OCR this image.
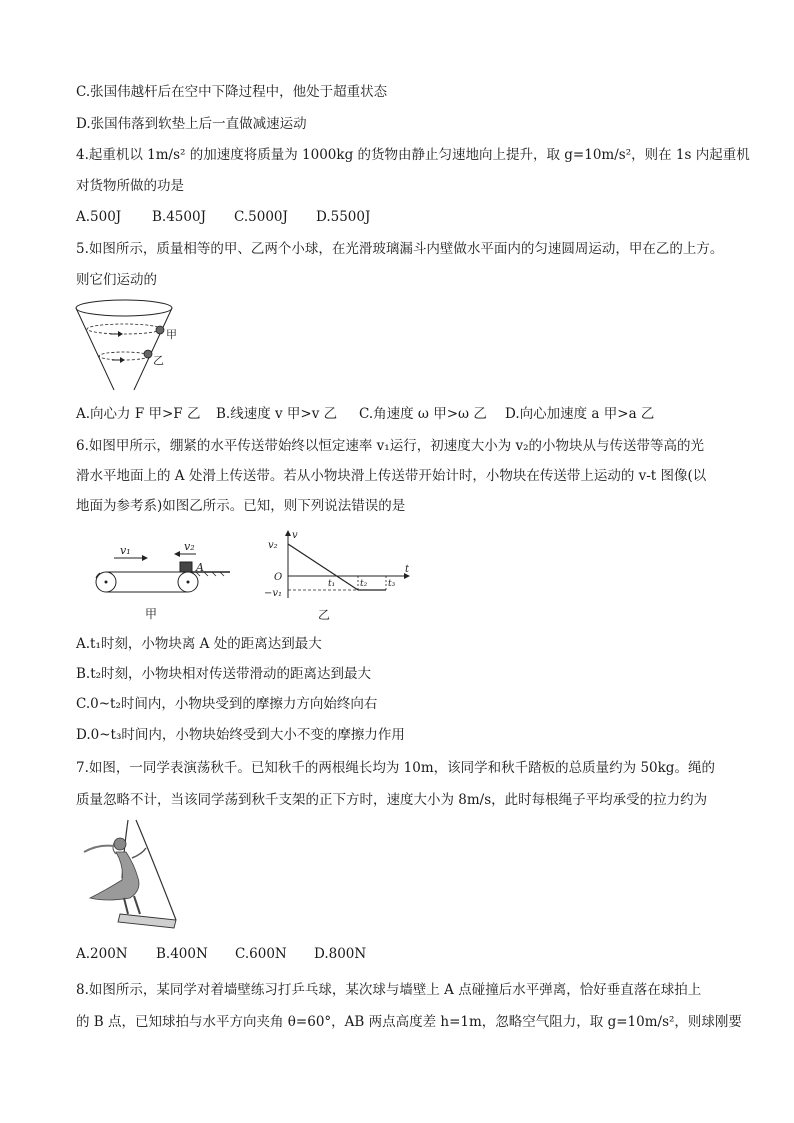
C.张国伟越杆后在空中下降过程中，他处于超重状态
D.张国伟落到软垫上后一直做减速运动
4.起重机以 1m/s² 的加速度将质量为 1000kg 的货物由静止匀速地向上提升，取 g=10m/s²，则在 1s 内起重机
对货物所做的功是
A.500J B.4500J C.5000J D.5500J
5.如图所示，质量相等的甲、乙两个小球，在光滑玻璃漏斗内壁做水平面内的匀速圆周运动，甲在乙的上方。
则它们运动的
甲
乙
A.向心力 F 甲>F 乙 B.线速度 v 甲>v 乙 C.角速度 ω 甲>ω 乙 D.向心加速度 a 甲>a 乙
6.如图甲所示，绷紧的水平传送带始终以恒定速率 v₁运行，初速度大小为 v₂的小物块从与传送带等高的光
滑水平地面上的 A 处滑上传送带。若从小物块滑上传送带开始计时，小物块在传送带上运动的 v-t 图像(以
地面为参考系)如图乙所示。已知，则下列说法错误的是
v₁	v₂
A
甲
v
t
O
v₂
−v₁
t₁	t₂ t₃
乙
A.t₁时刻，小物块离 A 处的距离达到最大
B.t₂时刻，小物块相对传送带滑动的距离达到最大
C.0~t₂时间内，小物块受到的摩擦力方向始终向右
D.0~t₃时间内，小物块始终受到大小不变的摩擦力作用
7.如图，一同学表演荡秋千。已知秋千的两根绳长均为 10m，该同学和秋千踏板的总质量约为 50kg。绳的
质量忽略不计，当该同学荡到秋千支架的正下方时，速度大小为 8m/s，此时每根绳子平均承受的拉力约为
A.200N B.400N C.600N D.800N
8.如图所示，某同学对着墙壁练习打乒乓球，某次球与墙壁上 A 点碰撞后水平弹离，恰好垂直落在球拍上
的 B 点，已知球拍与水平方向夹角 θ=60°，AB 两点高度差 h=1m，忽略空气阻力，取 g=10m/s²，则球刚要
